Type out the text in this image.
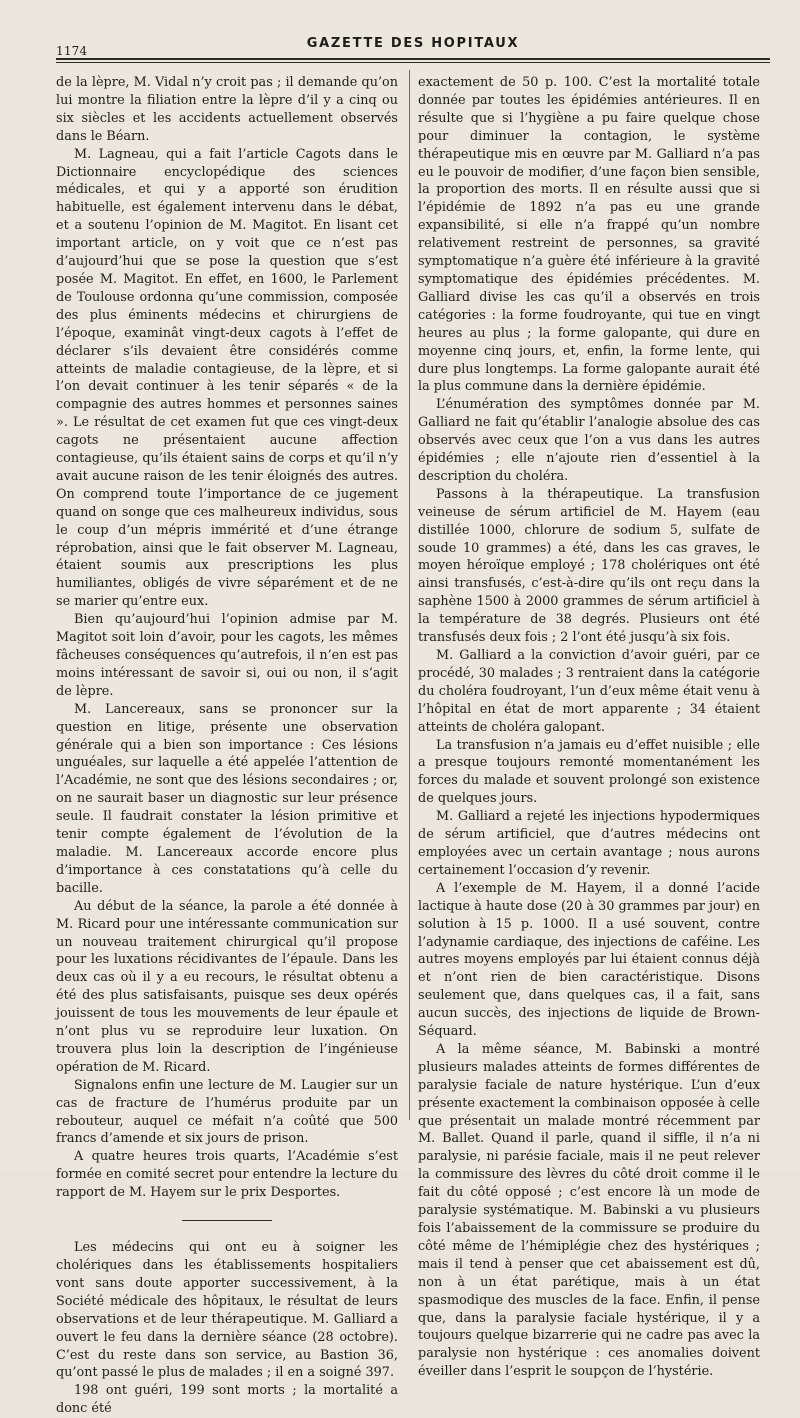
1174	GAZETTE DES HOPITAUX

de la lèpre, M. Vidal n’y croit pas ; il demande qu’on lui montre la filiation entre la lèpre d’il y a cinq ou six siècles et les accidents actuellement observés dans le Béarn.

M. Lagneau, qui a fait l’article Cagots dans le Dictionnaire encyclopédique des sciences médicales, et qui y a apporté son érudition habituelle, est également intervenu dans le débat, et a soutenu l’opinion de M. Magitot. En lisant cet important article, on y voit que ce n’est pas d’aujourd’hui que se pose la question que s’est posée M. Magitot. En effet, en 1600, le Parlement de Toulouse ordonna qu’une commission, composée des plus éminents médecins et chirurgiens de l’époque, examinât vingt-deux cagots à l’effet de déclarer s’ils devaient être considérés comme atteints de maladie contagieuse, de la lèpre, et si l’on devait continuer à les tenir séparés « de la compagnie des autres hommes et personnes saines ». Le résultat de cet examen fut que ces vingt-deux cagots ne présentaient aucune affection contagieuse, qu’ils étaient sains de corps et qu’il n’y avait aucune raison de les tenir éloignés des autres. On comprend toute l’importance de ce jugement quand on songe que ces malheureux individus, sous le coup d’un mépris immérité et d’une étrange réprobation, ainsi que le fait observer M. Lagneau, étaient soumis aux prescriptions les plus humiliantes, obligés de vivre séparément et de ne se marier qu’entre eux.

Bien qu’aujourd’hui l’opinion admise par M. Magitot soit loin d’avoir, pour les cagots, les mêmes fâcheuses conséquences qu’autrefois, il n’en est pas moins intéressant de savoir si, oui ou non, il s’agit de lèpre.

M. Lancereaux, sans se prononcer sur la question en litige, présente une observation générale qui a bien son importance : Ces lésions unguéales, sur laquelle a été appelée l’attention de l’Académie, ne sont que des lésions secondaires ; or, on ne saurait baser un diagnostic sur leur présence seule. Il faudrait constater la lésion primitive et tenir compte également de l’évolution de la maladie. M. Lancereaux accorde encore plus d’importance à ces constatations qu’à celle du bacille.

Au début de la séance, la parole a été donnée à M. Ricard pour une intéressante communication sur un nouveau traitement chirurgical qu’il propose pour les luxations récidivantes de l’épaule. Dans les deux cas où il y a eu recours, le résultat obtenu a été des plus satisfaisants, puisque ses deux opérés jouissent de tous les mouvements de leur épaule et n’ont plus vu se reproduire leur luxation. On trouvera plus loin la description de l’ingénieuse opération de M. Ricard.

Signalons enfin une lecture de M. Laugier sur un cas de fracture de l’humérus produite par un rebouteur, auquel ce méfait n’a coûté que 500 francs d’amende et six jours de prison.

A quatre heures trois quarts, l’Académie s’est formée en comité secret pour entendre la lecture du rapport de M. Hayem sur le prix Desportes.

Les médecins qui ont eu à soigner les cholériques dans les établissements hospitaliers vont sans doute apporter successivement, à la Société médicale des hôpitaux, le résultat de leurs observations et de leur thérapeutique. M. Galliard a ouvert le feu dans la dernière séance (28 octobre). C’est du reste dans son service, au Bastion 36, qu’ont passé le plus de malades ; il en a soigné 397.

198 ont guéri, 199 sont morts ; la mortalité a donc été

exactement de 50 p. 100. C’est la mortalité totale donnée par toutes les épidémies antérieures. Il en résulte que si l’hygiène a pu faire quelque chose pour diminuer la contagion, le système thérapeutique mis en œuvre par M. Galliard n’a pas eu le pouvoir de modifier, d’une façon bien sensible, la proportion des morts. Il en résulte aussi que si l’épidémie de 1892 n’a pas eu une grande expansibilité, si elle n’a frappé qu’un nombre relativement restreint de personnes, sa gravité symptomatique n’a guère été inférieure à la gravité symptomatique des épidémies précédentes. M. Galliard divise les cas qu’il a observés en trois catégories : la forme foudroyante, qui tue en vingt heures au plus ; la forme galopante, qui dure en moyenne cinq jours, et, enfin, la forme lente, qui dure plus longtemps. La forme galopante aurait été la plus commune dans la dernière épidémie.

L’énumération des symptômes donnée par M. Galliard ne fait qu’établir l’analogie absolue des cas observés avec ceux que l’on a vus dans les autres épidémies ; elle n’ajoute rien d’essentiel à la description du choléra.

Passons à la thérapeutique. La transfusion veineuse de sérum artificiel de M. Hayem (eau distillée 1000, chlorure de sodium 5, sulfate de soude 10 grammes) a été, dans les cas graves, le moyen héroïque employé ; 178 cholériques ont été ainsi transfusés, c’est-à-dire qu’ils ont reçu dans la saphène 1500 à 2000 grammes de sérum artificiel à la température de 38 degrés. Plusieurs ont été transfusés deux fois ; 2 l’ont été jusqu’à six fois.

M. Galliard a la conviction d’avoir guéri, par ce procédé, 30 malades ; 3 rentraient dans la catégorie du choléra foudroyant, l’un d’eux même était venu à l’hôpital en état de mort apparente ; 34 étaient atteints de choléra galopant.

La transfusion n’a jamais eu d’effet nuisible ; elle a presque toujours remonté momentanément les forces du malade et souvent prolongé son existence de quelques jours.

M. Galliard a rejeté les injections hypodermiques de sérum artificiel, que d’autres médecins ont employées avec un certain avantage ; nous aurons certainement l’occasion d’y revenir.

A l’exemple de M. Hayem, il a donné l’acide lactique à haute dose (20 à 30 grammes par jour) en solution à 15 p. 1000. Il a usé souvent, contre l’adynamie cardiaque, des injections de caféine. Les autres moyens employés par lui étaient connus déjà et n’ont rien de bien caractéristique. Disons seulement que, dans quelques cas, il a fait, sans aucun succès, des injections de liquide de Brown-Séquard.

A la même séance, M. Babinski a montré plusieurs malades atteints de formes différentes de paralysie faciale de nature hystérique. L’un d’eux présente exactement la combinaison opposée à celle que présentait un malade montré récemment par M. Ballet. Quand il parle, quand il siffle, il n’a ni paralysie, ni parésie faciale, mais il ne peut relever la commissure des lèvres du côté droit comme il le fait du côté opposé ; c’est encore là un mode de paralysie systématique. M. Babinski a vu plusieurs fois l’abaissement de la commissure se produire du côté même de l’hémiplégie chez des hystériques ; mais il tend à penser que cet abaissement est dû, non à un état parétique, mais à un état spasmodique des muscles de la face. Enfin, il pense que, dans la paralysie faciale hystérique, il y a toujours quelque bizarrerie qui ne cadre pas avec la paralysie non hystérique : ces anomalies doivent éveiller dans l’esprit le soupçon de l’hystérie.
